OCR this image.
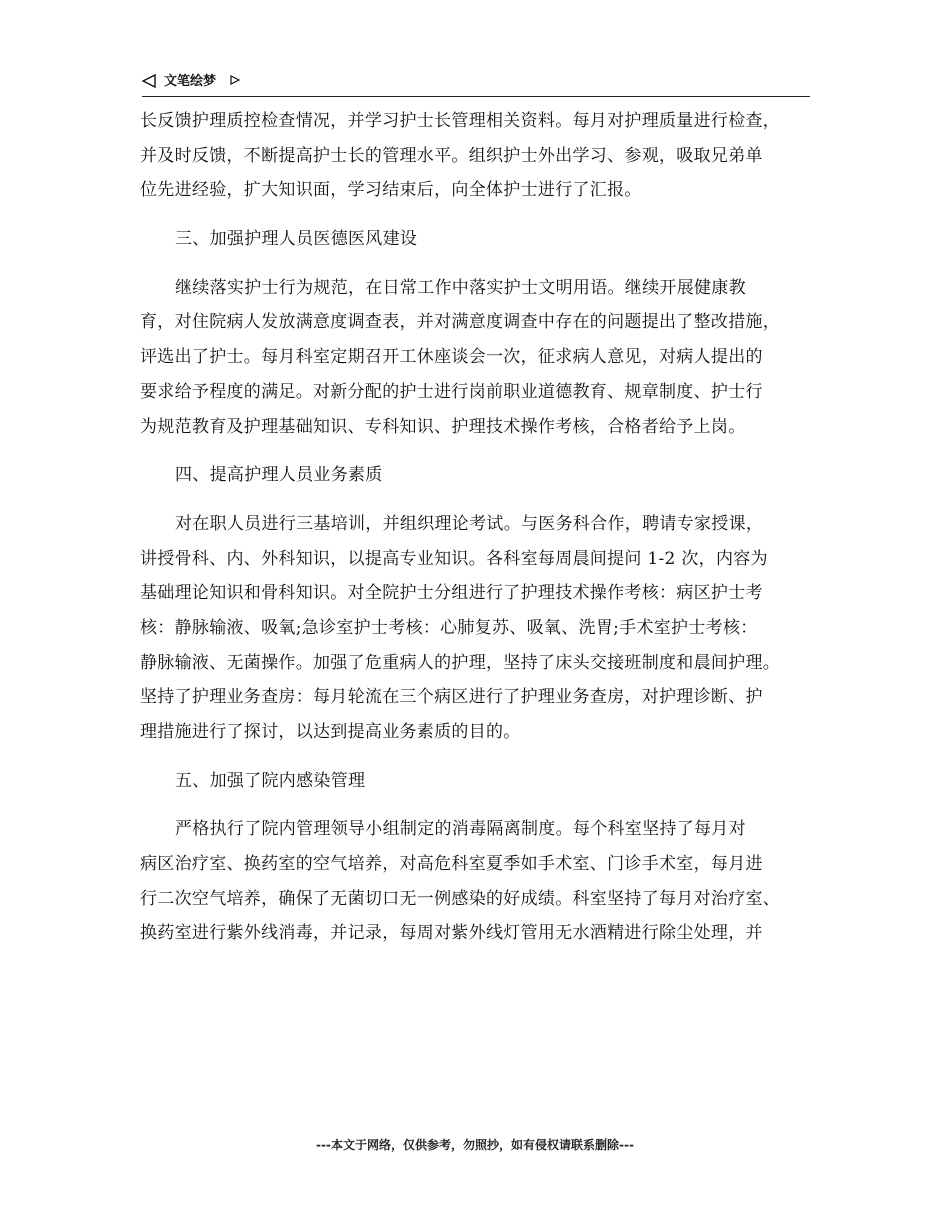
文笔绘梦
长反馈护理质控检查情况，并学习护士长管理相关资料。每月对护理质量进行检查，
并及时反馈，不断提高护士长的管理水平。组织护士外出学习、参观，吸取兄弟单
位先进经验，扩大知识面，学习结束后，向全体护士进行了汇报。
三、加强护理人员医德医风建设
继续落实护士行为规范，在日常工作中落实护士文明用语。继续开展健康教
育，对住院病人发放满意度调查表，并对满意度调查中存在的问题提出了整改措施，
评选出了护士。每月科室定期召开工休座谈会一次，征求病人意见，对病人提出的
要求给予程度的满足。对新分配的护士进行岗前职业道德教育、规章制度、护士行
为规范教育及护理基础知识、专科知识、护理技术操作考核，合格者给予上岗。
四、提高护理人员业务素质
对在职人员进行三基培训，并组织理论考试。与医务科合作，聘请专家授课，
讲授骨科、内、外科知识，以提高专业知识。各科室每周晨间提问 1-2 次，内容为
基础理论知识和骨科知识。对全院护士分组进行了护理技术操作考核：病区护士考
核：静脉输液、吸氧;急诊室护士考核：心肺复苏、吸氧、洗胃;手术室护士考核：
静脉输液、无菌操作。加强了危重病人的护理，坚持了床头交接班制度和晨间护理。
坚持了护理业务查房：每月轮流在三个病区进行了护理业务查房，对护理诊断、护
理措施进行了探讨，以达到提高业务素质的目的。
五、加强了院内感染管理
严格执行了院内管理领导小组制定的消毒隔离制度。每个科室坚持了每月对
病区治疗室、换药室的空气培养，对高危科室夏季如手术室、门诊手术室，每月进
行二次空气培养，确保了无菌切口无一例感染的好成绩。科室坚持了每月对治疗室、
换药室进行紫外线消毒，并记录，每周对紫外线灯管用无水酒精进行除尘处理，并
---本文于网络，仅供参考，勿照抄，如有侵权请联系删除---
